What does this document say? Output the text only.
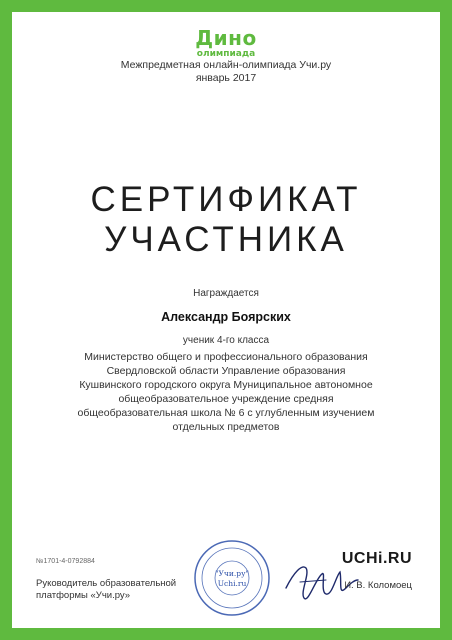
Дино
олимпиада
Межпредметная онлайн-олимпиада Учи.ру
январь 2017
СЕРТИФИКАТ
УЧАСТНИКА
Награждается
Александр Боярских
ученик 4-го класса
Министерство общего и профессионального образования
Свердловской области Управление образования
Кушвинского городского округа Муниципальное автономное
общеобразовательное учреждение средняя
общеобразовательная школа № 6 с углубленным изучением
отдельных предметов
№1701-4-0792884
Руководитель образовательной
платформы «Учи.ру»
"Учи.ру"
Uchi.ru
UCHi.RU
И. В. Коломоец
